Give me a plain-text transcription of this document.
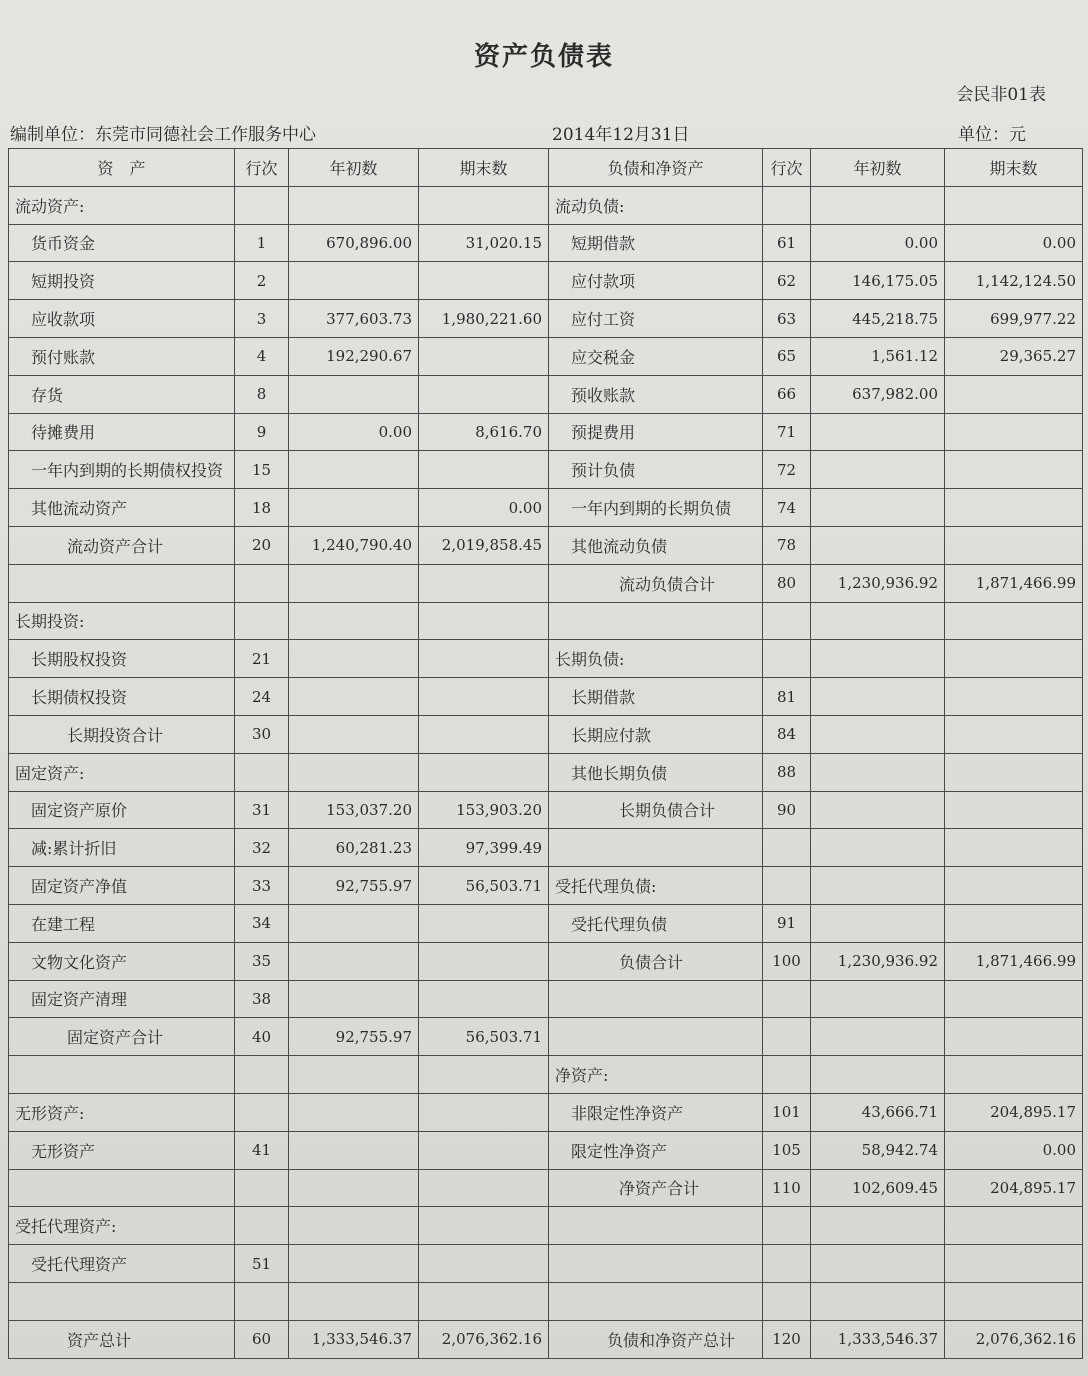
资产负债表
会民非01表
编制单位：东莞市同德社会工作服务中心	2014年12月31日	单位：元
资　产	行次	年初数	期末数	负债和净资产	行次	年初数	期末数
流动资产:				流动负债:			
货币资金	1	670,896.00	31,020.15	短期借款	61	0.00	0.00
短期投资	2			应付款项	62	146,175.05	1,142,124.50
应收款项	3	377,603.73	1,980,221.60	应付工资	63	445,218.75	699,977.22
预付账款	4	192,290.67		应交税金	65	1,561.12	29,365.27
存货	8			预收账款	66	637,982.00	
待摊费用	9	0.00	8,616.70	预提费用	71		
一年内到期的长期债权投资	15			预计负债	72		
其他流动资产	18		0.00	一年内到期的长期负债	74		
流动资产合计	20	1,240,790.40	2,019,858.45	其他流动负债	78		
				流动负债合计	80	1,230,936.92	1,871,466.99
长期投资:							
长期股权投资	21			长期负债:			
长期债权投资	24			长期借款	81		
长期投资合计	30			长期应付款	84		
固定资产:				其他长期负债	88		
固定资产原价	31	153,037.20	153,903.20	长期负债合计	90		
减:累计折旧	32	60,281.23	97,399.49				
固定资产净值	33	92,755.97	56,503.71	受托代理负债:			
在建工程	34			受托代理负债	91		
文物文化资产	35			负债合计	100	1,230,936.92	1,871,466.99
固定资产清理	38						
固定资产合计	40	92,755.97	56,503.71				
				净资产:			
无形资产:				非限定性净资产	101	43,666.71	204,895.17
无形资产	41			限定性净资产	105	58,942.74	0.00
				净资产合计	110	102,609.45	204,895.17
受托代理资产:							
受托代理资产	51						

资产总计	60	1,333,546.37	2,076,362.16	负债和净资产总计	120	1,333,546.37	2,076,362.16
